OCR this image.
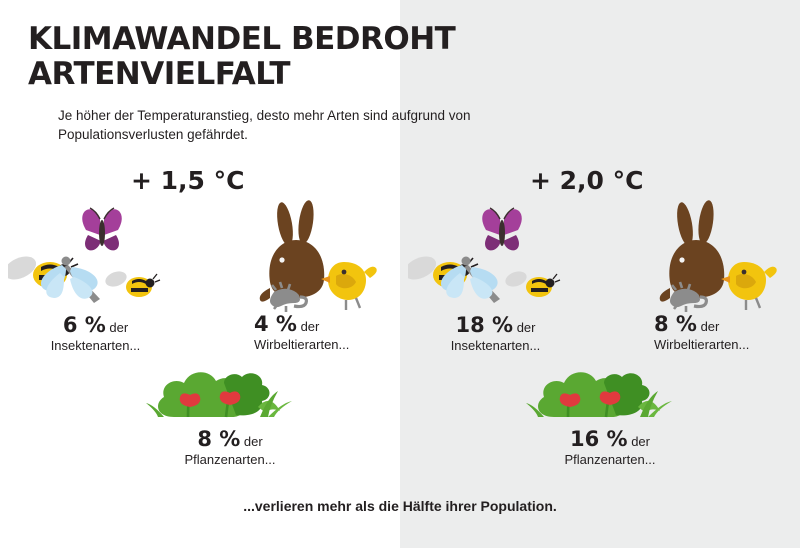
KLIMAWANDEL BEDROHT ARTENVIELFALT
Je höher der Temperaturanstieg, desto mehr Arten sind aufgrund von Populationsverlusten gefährdet.
+ 1,5 °C	+ 2,0 °C
6 % der
Insektenarten...
4 % der
Wirbeltierarten...
8 % der
Pflanzenarten...
18 % der
Insektenarten...
8 % der
Wirbeltierarten...
16 % der
Pflanzenarten...
...verlieren mehr als die Hälfte ihrer Population.
